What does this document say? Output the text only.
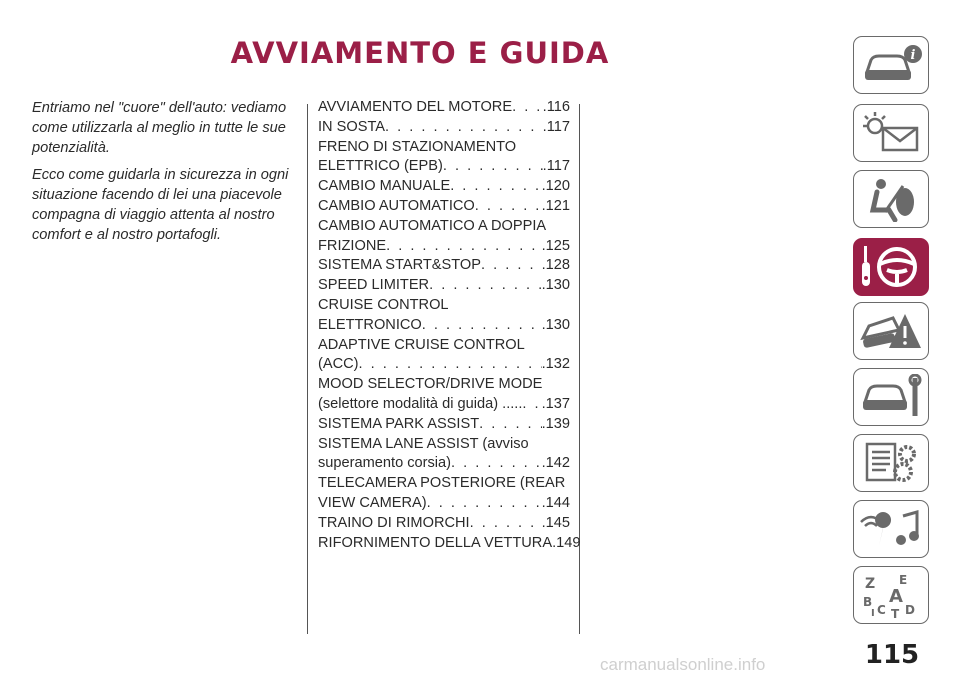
AVVIAMENTO E GUIDA

Entriamo nel "cuore" dell'auto: vediamo come utilizzarla al meglio in tutte le sue potenzialità.

Ecco come guidarla in sicurezza in ogni situazione facendo di lei una piacevole compagna di viaggio attenta al nostro comfort e al nostro portafogli.

AVVIAMENTO DEL MOTORE . . . .116
IN SOSTA . . .	.117
FRENO DI STAZIONAMENTO
ELETTRICO (EPB) . . .	.117
CAMBIO MANUALE . . .	.120
CAMBIO AUTOMATICO . . .	.121
CAMBIO AUTOMATICO A DOPPIA
FRIZIONE . . .	.125
SISTEMA START&STOP . . .	.128
SPEED LIMITER . . .	.130
CRUISE CONTROL
ELETTRONICO . . .	.130
ADAPTIVE CRUISE CONTROL
(ACC) . . .	.132
MOOD SELECTOR/DRIVE MODE
(selettore modalità di guida) ..... . . . .137
SISTEMA PARK ASSIST . . .	.139
SISTEMA LANE ASSIST (avviso
superamento corsia) . . .	.142
TELECAMERA POSTERIORE (REAR
VIEW CAMERA) . . .	.144
TRAINO DI RIMORCHI . . .	.145
RIFORNIMENTO DELLA VETTURA .149
i
Z E
B A
C D
I T
115
carmanualsonline.info
